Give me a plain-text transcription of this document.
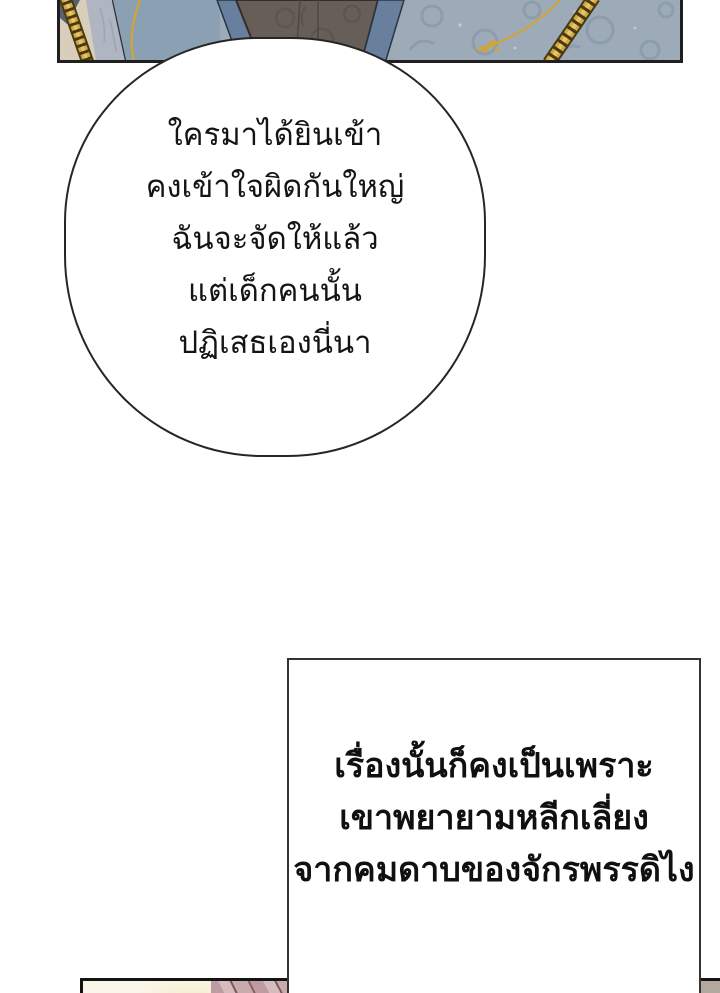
ใครมาได้ยินเข้า

คงเข้าใจผิดกันใหญ่

ฉันจะจัดให้แล้ว

แต่เด็กคนนั้น

ปฏิเสธเองนี่นา

เรื่องนั้นก็คงเป็นเพราะ

เขาพยายามหลีกเลี่ยง

จากคมดาบของจักรพรรดิไง
